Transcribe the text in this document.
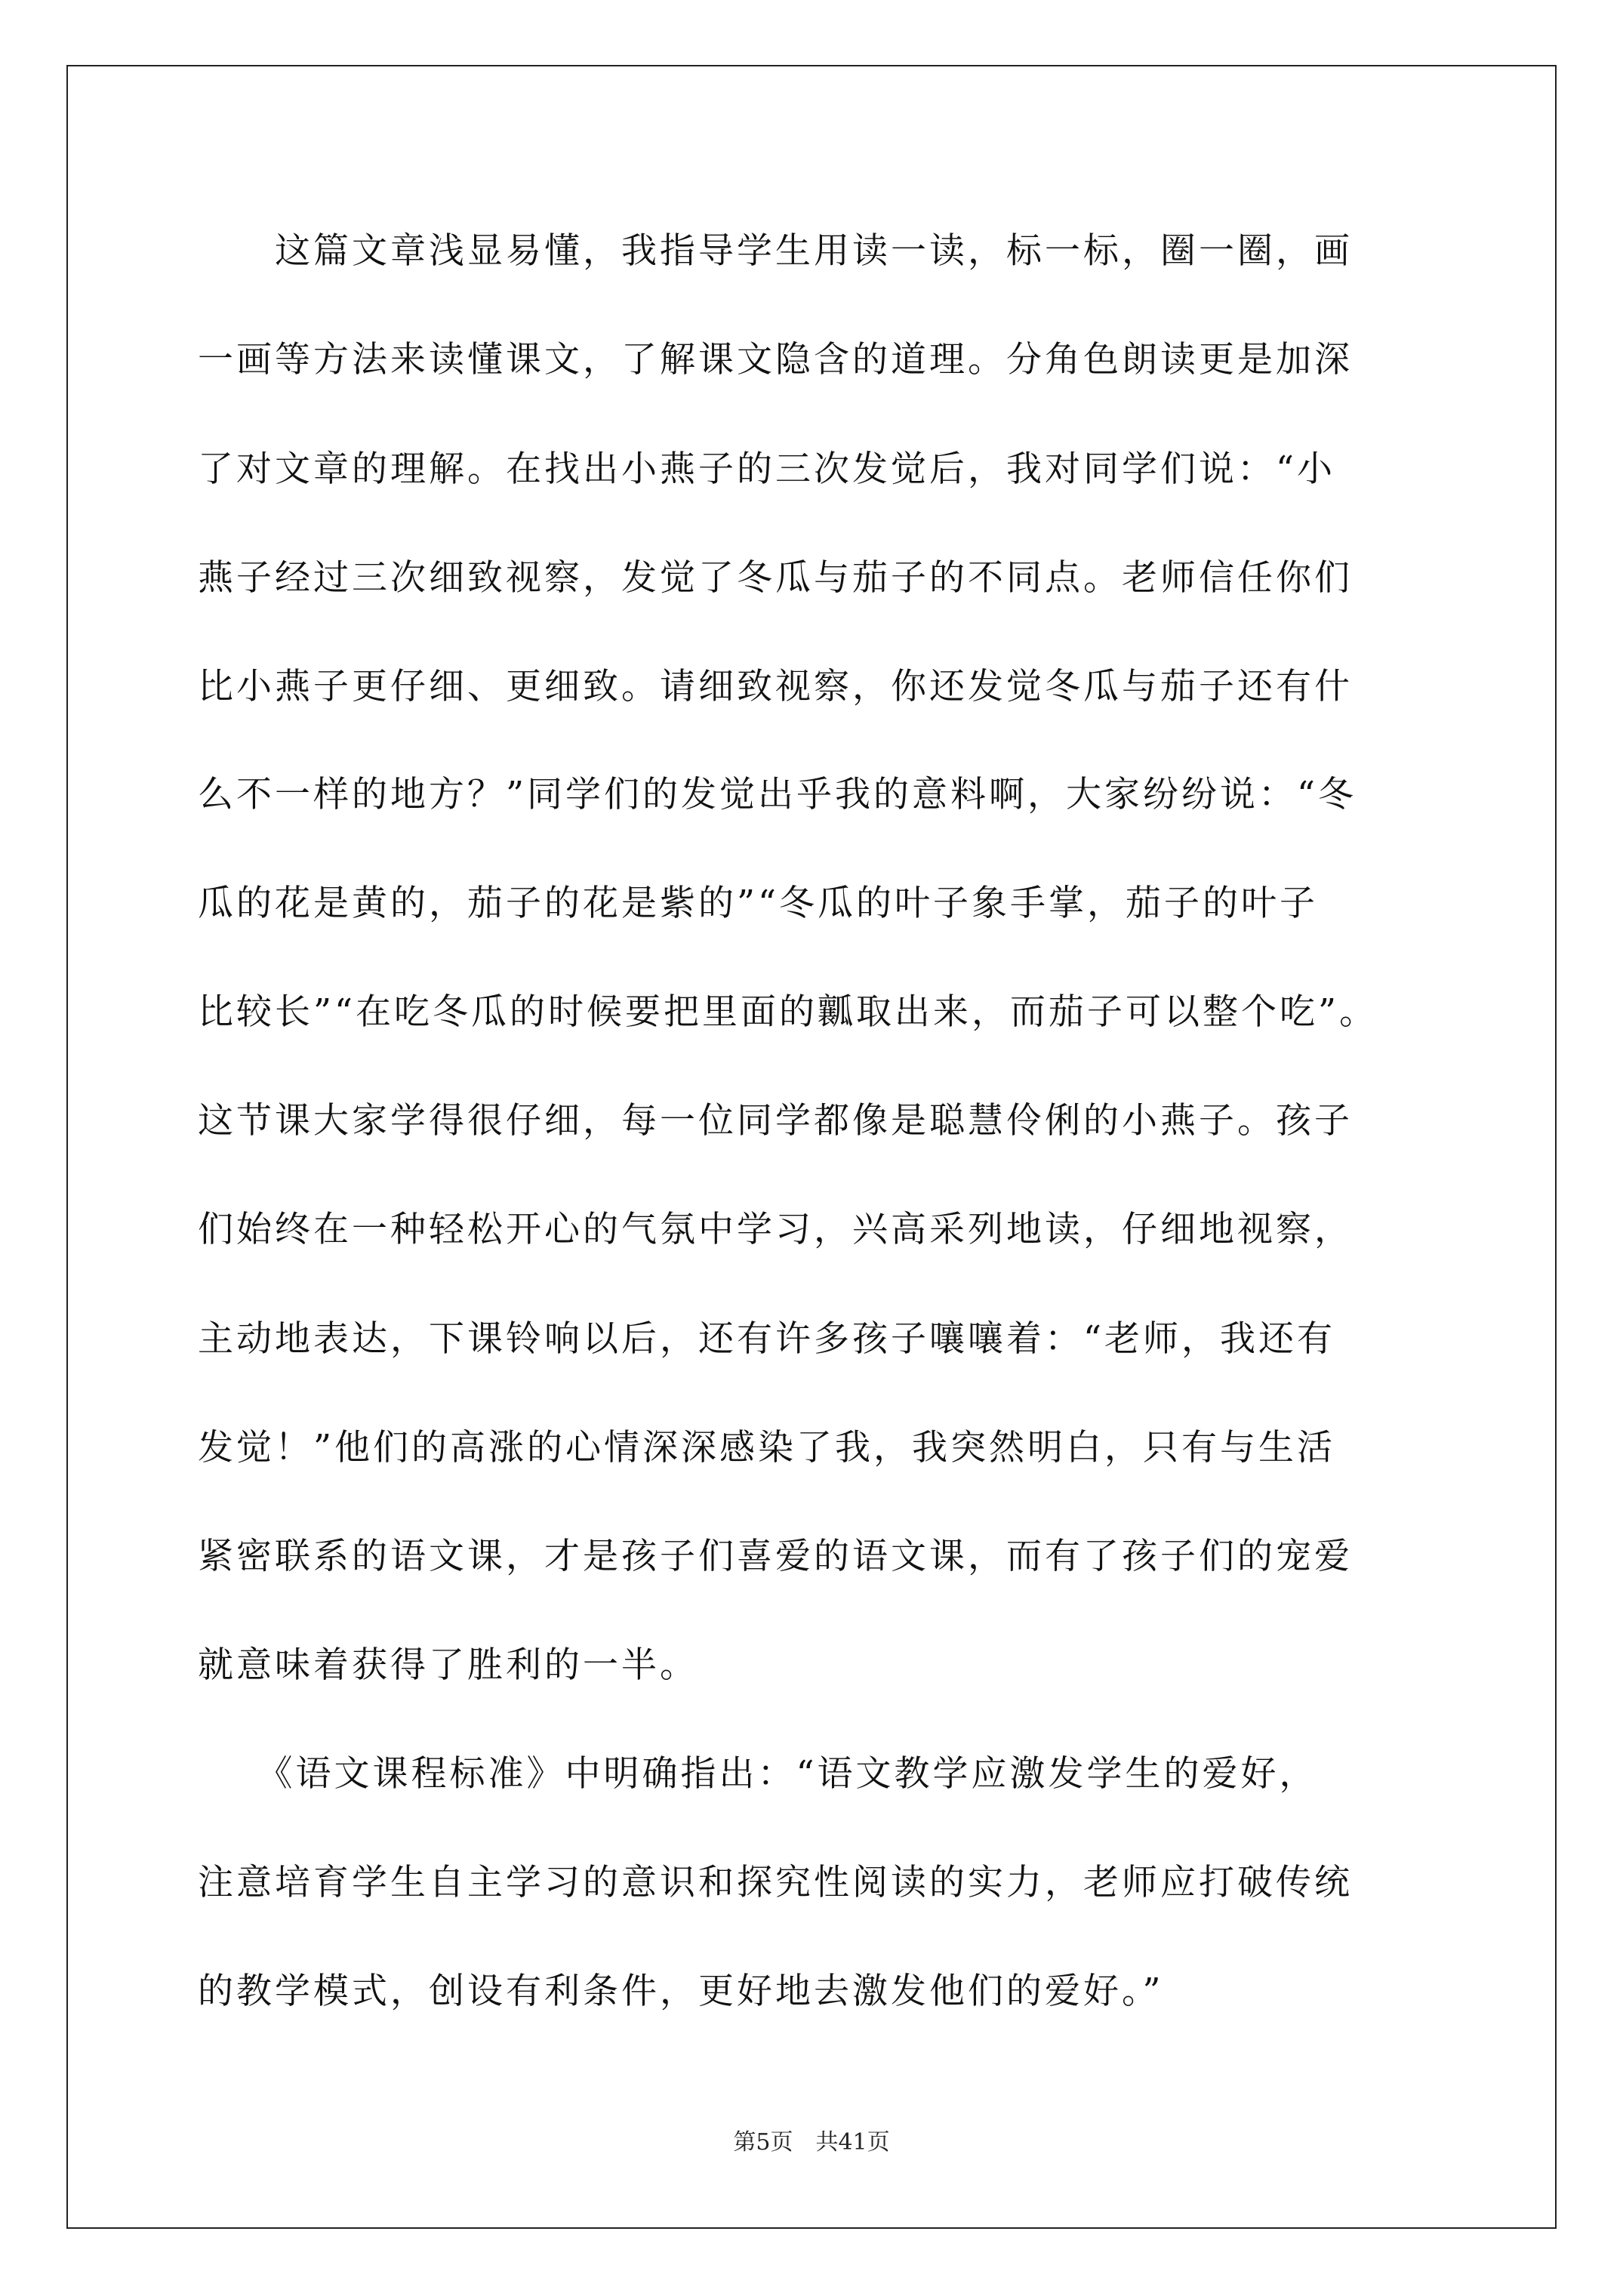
　　这篇文章浅显易懂，我指导学生用读一读，标一标，圈一圈，画
一画等方法来读懂课文，了解课文隐含的道理。分角色朗读更是加深
了对文章的理解。在找出小燕子的三次发觉后，我对同学们说：“小
燕子经过三次细致视察，发觉了冬瓜与茄子的不同点。老师信任你们
比小燕子更仔细、更细致。请细致视察，你还发觉冬瓜与茄子还有什
么不一样的地方？”同学们的发觉出乎我的意料啊，大家纷纷说：“冬
瓜的花是黄的，茄子的花是紫的”“冬瓜的叶子象手掌，茄子的叶子
比较长”“在吃冬瓜的时候要把里面的瓤取出来，而茄子可以整个吃”。
这节课大家学得很仔细，每一位同学都像是聪慧伶俐的小燕子。孩子
们始终在一种轻松开心的气氛中学习，兴高采列地读，仔细地视察，
主动地表达，下课铃响以后，还有许多孩子嚷嚷着：“老师，我还有
发觉！”他们的高涨的心情深深感染了我，我突然明白，只有与生活
紧密联系的语文课，才是孩子们喜爱的语文课，而有了孩子们的宠爱
就意味着获得了胜利的一半。
　　《语文课程标准》中明确指出：“语文教学应激发学生的爱好，
注意培育学生自主学习的意识和探究性阅读的实力，老师应打破传统
的教学模式，创设有利条件，更好地去激发他们的爱好。”
第5页　共41页
